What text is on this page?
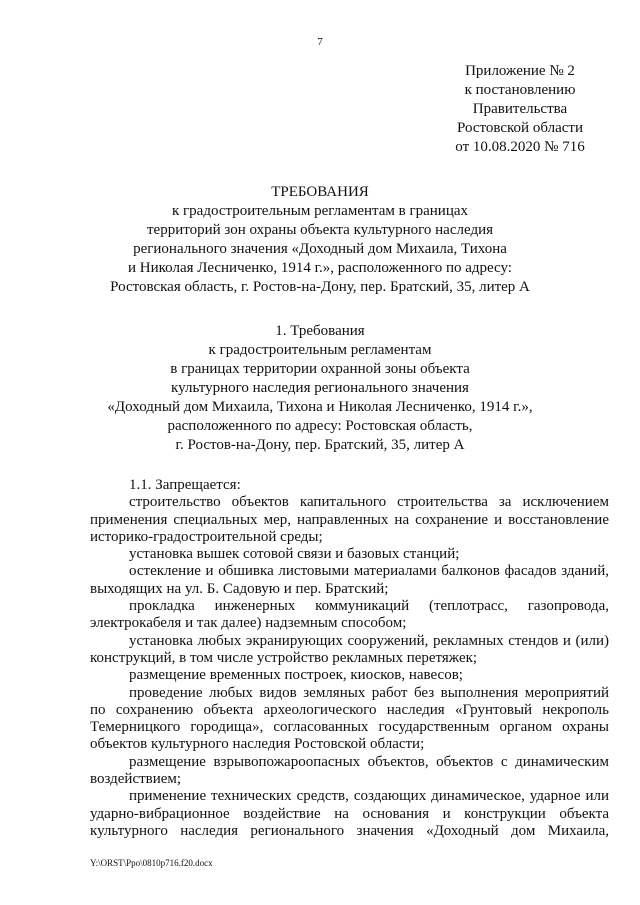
7
Приложение № 2
к постановлению
Правительства
Ростовской области
от 10.08.2020 № 716
ТРЕБОВАНИЯ
к градостроительным регламентам в границах
территорий зон охраны объекта культурного наследия
регионального значения «Доходный дом Михаила, Тихона
и Николая Лесниченко, 1914 г.», расположенного по адресу:
Ростовская область, г. Ростов-на-Дону, пер. Братский, 35, литер А
1. Требования
к градостроительным регламентам
в границах территории охранной зоны объекта
культурного наследия регионального значения
«Доходный дом Михаила, Тихона и Николая Лесниченко, 1914 г.»,
расположенного по адресу: Ростовская область,
г. Ростов-на-Дону, пер. Братский, 35, литер А
1.1. Запрещается:
строительство объектов капитального строительства за исключением
применения специальных мер, направленных на сохранение и восстановление
историко-градостроительной среды;
установка вышек сотовой связи и базовых станций;
остекление и обшивка листовыми материалами балконов фасадов зданий,
выходящих на ул. Б. Садовую и пер. Братский;
прокладка инженерных коммуникаций (теплотрасс, газопровода,
электрокабеля и так далее) надземным способом;
установка любых экранирующих сооружений, рекламных стендов и (или)
конструкций, в том числе устройство рекламных перетяжек;
размещение временных построек, киосков, навесов;
проведение любых видов земляных работ без выполнения мероприятий
по сохранению объекта археологического наследия «Грунтовый некрополь
Темерницкого городища», согласованных государственным органом охраны
объектов культурного наследия Ростовской области;
размещение взрывопожароопасных объектов, объектов с динамическим
воздействием;
применение технических средств, создающих динамическое, ударное или
ударно-вибрационное воздействие на основания и конструкции объекта
культурного наследия регионального значения «Доходный дом Михаила,
Y:\ORST\Ppo\0810p716.f20.docx
